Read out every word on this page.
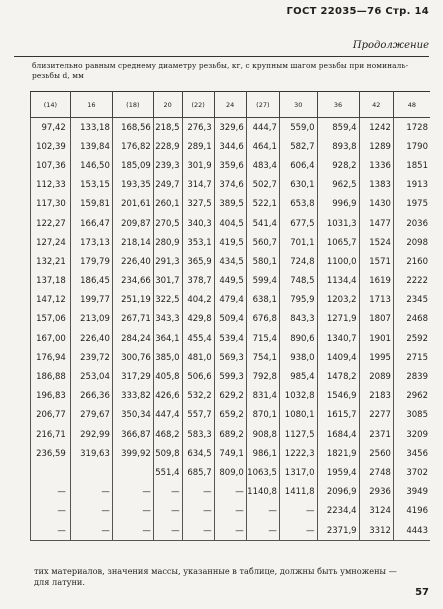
ГОСТ 22035—76 Стр. 14
Продолжение
близительно равным среднему диаметру резьбы, кг, с крупным шагом резьбы при номиналь-резьбы d, мм
(14)	16	(18)	20	(22)	24	(27)	30	36	42	48
97,42	133,18	168,56	218,5	276,3	329,6	444,7	559,0	859,4	1242	1728
102,39	139,84	176,82	228,9	289,1	344,6	464,1	582,7	893,8	1289	1790
107,36	146,50	185,09	239,3	301,9	359,6	483,4	606,4	928,2	1336	1851
112,33	153,15	193,35	249,7	314,7	374,6	502,7	630,1	962,5	1383	1913
117,30	159,81	201,61	260,1	327,5	389,5	522,1	653,8	996,9	1430	1975
122,27	166,47	209,87	270,5	340,3	404,5	541,4	677,5	1031,3	1477	2036
127,24	173,13	218,14	280,9	353,1	419,5	560,7	701,1	1065,7	1524	2098
132,21	179,79	226,40	291,3	365,9	434,5	580,1	724,8	1100,0	1571	2160
137,18	186,45	234,66	301,7	378,7	449,5	599,4	748,5	1134,4	1619	2222
147,12	199,77	251,19	322,5	404,2	479,4	638,1	795,9	1203,2	1713	2345
157,06	213,09	267,71	343,3	429,8	509,4	676,8	843,3	1271,9	1807	2468
167,00	226,40	284,24	364,1	455,4	539,4	715,4	890,6	1340,7	1901	2592
176,94	239,72	300,76	385,0	481,0	569,3	754,1	938,0	1409,4	1995	2715
186,88	253,04	317,29	405,8	506,6	599,3	792,8	985,4	1478,2	2089	2839
196,83	266,36	333,82	426,6	532,2	629,2	831,4	1032,8	1546,9	2183	2962
206,77	279,67	350,34	447,4	557,7	659,2	870,1	1080,1	1615,7	2277	3085
216,71	292,99	366,87	468,2	583,3	689,2	908,8	1127,5	1684,4	2371	3209
236,59	319,63	399,92	509,8	634,5	749,1	986,1	1222,3	1821,9	2560	3456
			551,4	685,7	809,0	1063,5	1317,0	1959,4	2748	3702
—	—	—	—	—	—	1140,8	1411,8	2096,9	2936	3949
—	—	—	—	—	—	—	—	2234,4	3124	4196
—	—	—	—	—	—	—	—	2371,9	3312	4443
тих материалов, значения массы, указанные в таблице, должны быть умножены — для латуни.
57
